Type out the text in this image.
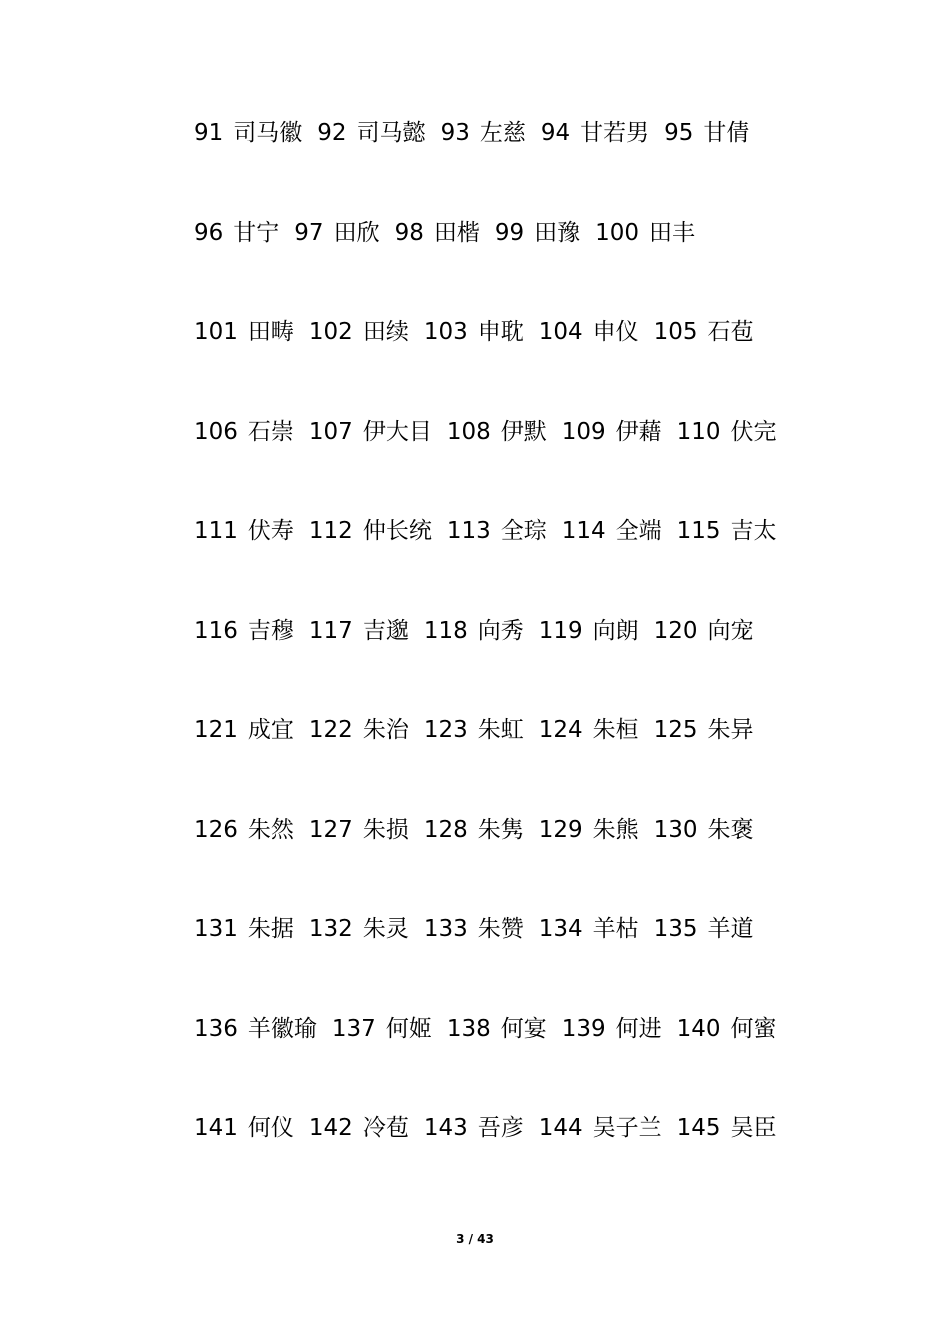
91 司马徽 92 司马懿 93 左慈 94 甘若男 95 甘倩
96 甘宁 97 田欣 98 田楷 99 田豫 100 田丰
101 田畴 102 田续 103 申耽 104 申仪 105 石苞
106 石崇 107 伊大目 108 伊默 109 伊藉 110 伏完
111 伏寿 112 仲长统 113 全琮 114 全端 115 吉太
116 吉穆 117 吉邈 118 向秀 119 向朗 120 向宠
121 成宜 122 朱治 123 朱虹 124 朱桓 125 朱异
126 朱然 127 朱损 128 朱隽 129 朱熊 130 朱褒
131 朱据 132 朱灵 133 朱赞 134 羊枯 135 羊道
136 羊徽瑜 137 何姬 138 何宴 139 何进 140 何蜜
141 何仪 142 冷苞 143 吾彦 144 吴子兰 145 吴臣
3 / 43
